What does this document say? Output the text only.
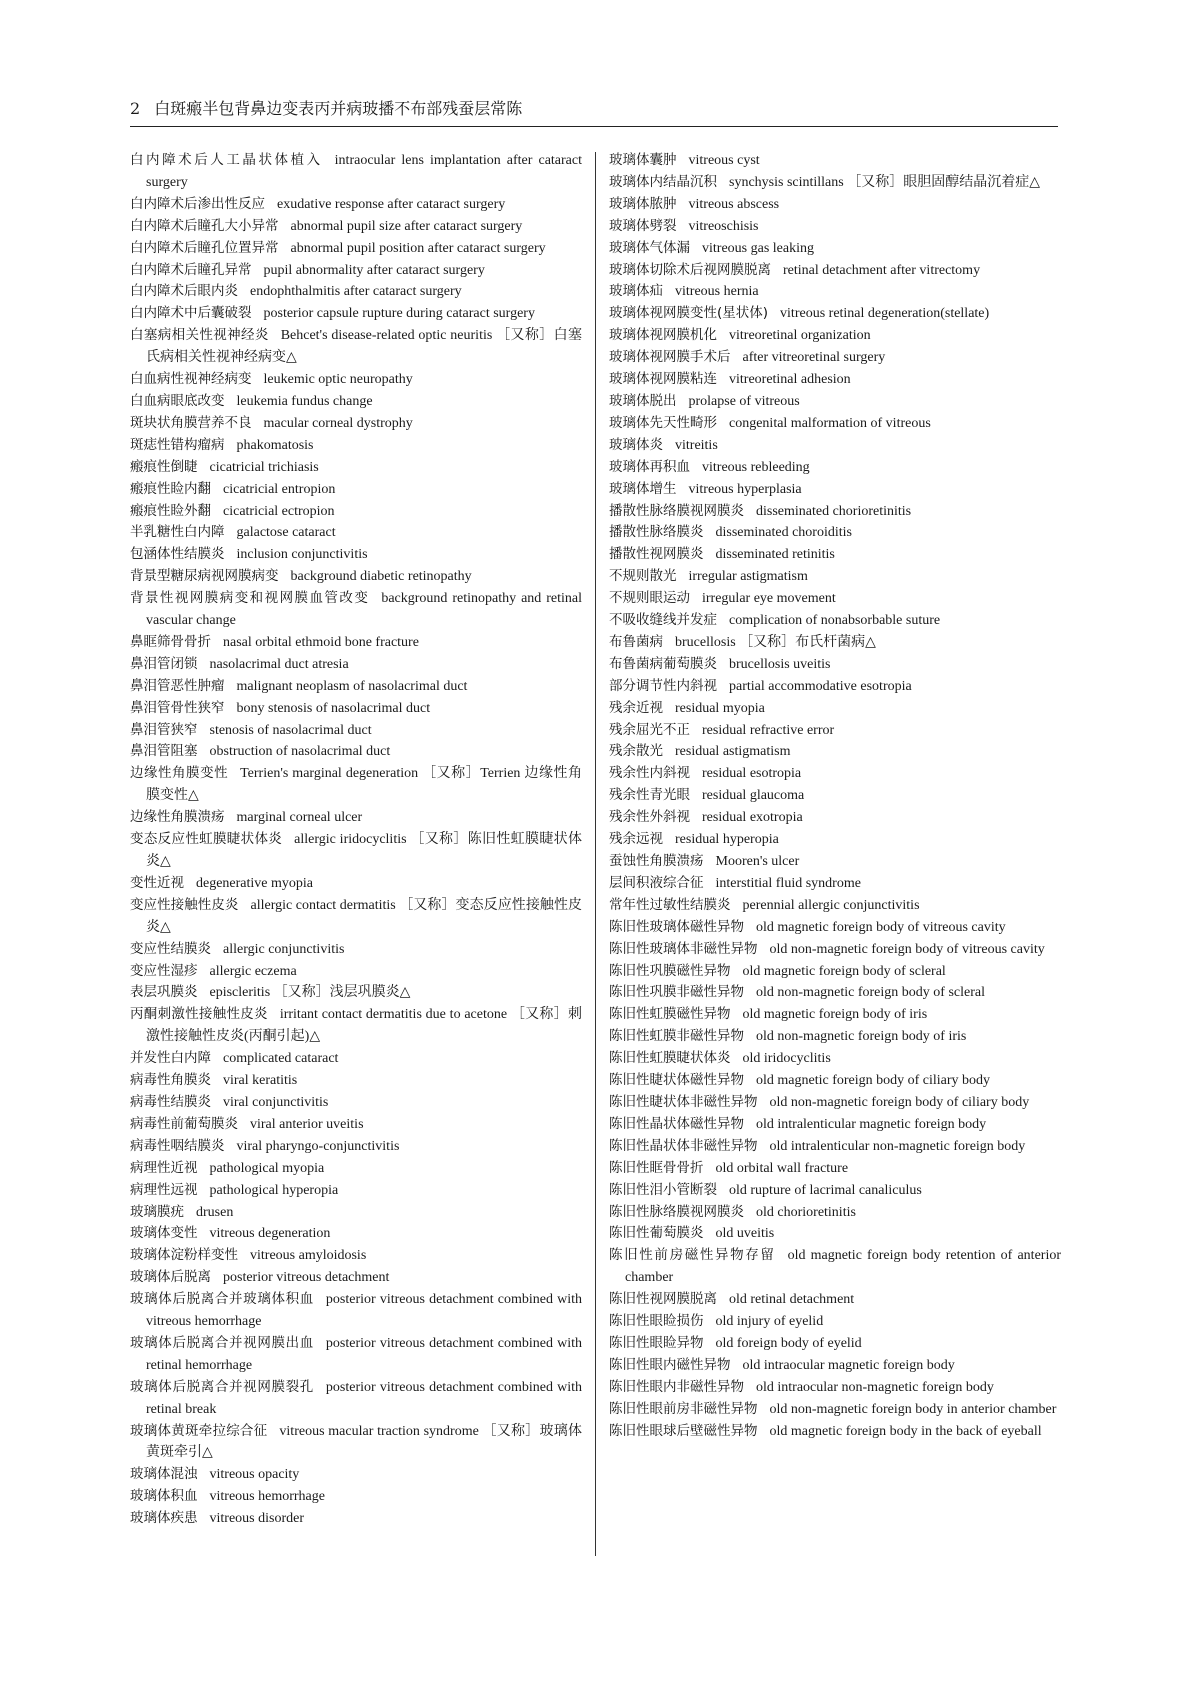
2 白斑瘢半包背鼻边变表丙并病玻播不布部残蚕层常陈
白内障术后人工晶状体植入 intraocular lens implantation after cataract surgery
白内障术后渗出性反应 exudative response after cataract surgery
白内障术后瞳孔大小异常 abnormal pupil size after cataract surgery
白内障术后瞳孔位置异常 abnormal pupil position after cataract surgery
白内障术后瞳孔异常 pupil abnormality after cataract surgery
白内障术后眼内炎 endophthalmitis after cataract surgery
白内障术中后囊破裂 posterior capsule rupture during cataract surgery
白塞病相关性视神经炎 Behcet's disease-related optic neuritis ［又称］白塞氏病相关性视神经病变△
白血病性视神经病变 leukemic optic neuropathy
白血病眼底改变 leukemia fundus change
斑块状角膜营养不良 macular corneal dystrophy
斑痣性错构瘤病 phakomatosis
瘢痕性倒睫 cicatricial trichiasis
瘢痕性睑内翻 cicatricial entropion
瘢痕性睑外翻 cicatricial ectropion
半乳糖性白内障 galactose cataract
包涵体性结膜炎 inclusion conjunctivitis
背景型糖尿病视网膜病变 background diabetic retinopathy
背景性视网膜病变和视网膜血管改变 background retinopathy and retinal vascular change
鼻眶筛骨骨折 nasal orbital ethmoid bone fracture
鼻泪管闭锁 nasolacrimal duct atresia
鼻泪管恶性肿瘤 malignant neoplasm of nasolacrimal duct
鼻泪管骨性狭窄 bony stenosis of nasolacrimal duct
鼻泪管狭窄 stenosis of nasolacrimal duct
鼻泪管阻塞 obstruction of nasolacrimal duct
边缘性角膜变性 Terrien's marginal degeneration ［又称］Terrien 边缘性角膜变性△
边缘性角膜溃疡 marginal corneal ulcer
变态反应性虹膜睫状体炎 allergic iridocyclitis ［又称］陈旧性虹膜睫状体炎△
变性近视 degenerative myopia
变应性接触性皮炎 allergic contact dermatitis ［又称］变态反应性接触性皮炎△
变应性结膜炎 allergic conjunctivitis
变应性湿疹 allergic eczema
表层巩膜炎 episcleritis ［又称］浅层巩膜炎△
丙酮刺激性接触性皮炎 irritant contact dermatitis due to acetone ［又称］刺激性接触性皮炎(丙酮引起)△
并发性白内障 complicated cataract
病毒性角膜炎 viral keratitis
病毒性结膜炎 viral conjunctivitis
病毒性前葡萄膜炎 viral anterior uveitis
病毒性咽结膜炎 viral pharyngo-conjunctivitis
病理性近视 pathological myopia
病理性远视 pathological hyperopia
玻璃膜疣 drusen
玻璃体变性 vitreous degeneration
玻璃体淀粉样变性 vitreous amyloidosis
玻璃体后脱离 posterior vitreous detachment
玻璃体后脱离合并玻璃体积血 posterior vitreous detachment combined with vitreous hemorrhage
玻璃体后脱离合并视网膜出血 posterior vitreous detachment combined with retinal hemorrhage
玻璃体后脱离合并视网膜裂孔 posterior vitreous detachment combined with retinal break
玻璃体黄斑牵拉综合征 vitreous macular traction syndrome ［又称］玻璃体黄斑牵引△
玻璃体混浊 vitreous opacity
玻璃体积血 vitreous hemorrhage
玻璃体疾患 vitreous disorder
玻璃体囊肿 vitreous cyst
玻璃体内结晶沉积 synchysis scintillans ［又称］眼胆固醇结晶沉着症△
玻璃体脓肿 vitreous abscess
玻璃体劈裂 vitreoschisis
玻璃体气体漏 vitreous gas leaking
玻璃体切除术后视网膜脱离 retinal detachment after vitrectomy
玻璃体疝 vitreous hernia
玻璃体视网膜变性(星状体) vitreous retinal degeneration(stellate)
玻璃体视网膜机化 vitreoretinal organization
玻璃体视网膜手术后 after vitreoretinal surgery
玻璃体视网膜粘连 vitreoretinal adhesion
玻璃体脱出 prolapse of vitreous
玻璃体先天性畸形 congenital malformation of vitreous
玻璃体炎 vitreitis
玻璃体再积血 vitreous rebleeding
玻璃体增生 vitreous hyperplasia
播散性脉络膜视网膜炎 disseminated chorioretinitis
播散性脉络膜炎 disseminated choroiditis
播散性视网膜炎 disseminated retinitis
不规则散光 irregular astigmatism
不规则眼运动 irregular eye movement
不吸收缝线并发症 complication of nonabsorbable suture
布鲁菌病 brucellosis ［又称］布氏杆菌病△
布鲁菌病葡萄膜炎 brucellosis uveitis
部分调节性内斜视 partial accommodative esotropia
残余近视 residual myopia
残余屈光不正 residual refractive error
残余散光 residual astigmatism
残余性内斜视 residual esotropia
残余性青光眼 residual glaucoma
残余性外斜视 residual exotropia
残余远视 residual hyperopia
蚕蚀性角膜溃疡 Mooren's ulcer
层间积液综合征 interstitial fluid syndrome
常年性过敏性结膜炎 perennial allergic conjunctivitis
陈旧性玻璃体磁性异物 old magnetic foreign body of vitreous cavity
陈旧性玻璃体非磁性异物 old non-magnetic foreign body of vitreous cavity
陈旧性巩膜磁性异物 old magnetic foreign body of scleral
陈旧性巩膜非磁性异物 old non-magnetic foreign body of scleral
陈旧性虹膜磁性异物 old magnetic foreign body of iris
陈旧性虹膜非磁性异物 old non-magnetic foreign body of iris
陈旧性虹膜睫状体炎 old iridocyclitis
陈旧性睫状体磁性异物 old magnetic foreign body of ciliary body
陈旧性睫状体非磁性异物 old non-magnetic foreign body of ciliary body
陈旧性晶状体磁性异物 old intralenticular magnetic foreign body
陈旧性晶状体非磁性异物 old intralenticular non-magnetic foreign body
陈旧性眶骨骨折 old orbital wall fracture
陈旧性泪小管断裂 old rupture of lacrimal canaliculus
陈旧性脉络膜视网膜炎 old chorioretinitis
陈旧性葡萄膜炎 old uveitis
陈旧性前房磁性异物存留 old magnetic foreign body retention of anterior chamber
陈旧性视网膜脱离 old retinal detachment
陈旧性眼睑损伤 old injury of eyelid
陈旧性眼睑异物 old foreign body of eyelid
陈旧性眼内磁性异物 old intraocular magnetic foreign body
陈旧性眼内非磁性异物 old intraocular non-magnetic foreign body
陈旧性眼前房非磁性异物 old non-magnetic foreign body in anterior chamber
陈旧性眼球后壁磁性异物 old magnetic foreign body in the back of eyeball
